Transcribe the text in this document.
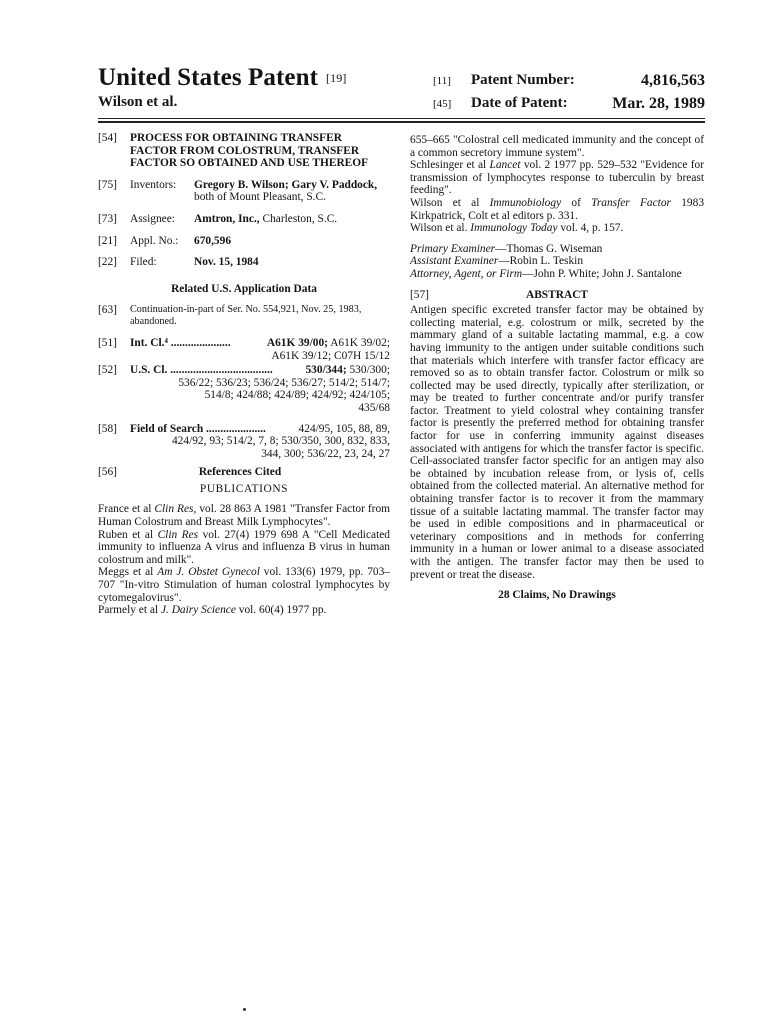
United States Patent [19]
Wilson et al.
[11]	Patent Number:	4,816,563
[45]	Date of Patent:	Mar. 28, 1989
[54]	PROCESS FOR OBTAINING TRANSFER FACTOR FROM COLOSTRUM, TRANSFER FACTOR SO OBTAINED AND USE THEREOF
[75]	Inventors:	Gregory B. Wilson; Gary V. Paddock,
both of Mount Pleasant, S.C.
[73]	Assignee:	Amtron, Inc., Charleston, S.C.
[21]	Appl. No.:	670,596
[22]	Filed:	Nov. 15, 1984
Related U.S. Application Data
[63]	Continuation-in-part of Ser. No. 554,921, Nov. 25, 1983, abandoned.
[51]	Int. Cl.⁴ .....................	A61K 39/00; A61K 39/02;
A61K 39/12; C07H 15/12
[52]	U.S. Cl. ....................................	530/344; 530/300;
536/22; 536/23; 536/24; 536/27; 514/2; 514/7;
514/8; 424/88; 424/89; 424/92; 424/105;
435/68
[58]	Field of Search .....................	424/95, 105, 88, 89,
424/92, 93; 514/2, 7, 8; 530/350, 300, 832, 833,
344, 300; 536/22, 23, 24, 27
[56]	References Cited
PUBLICATIONS
France et al Clin Res, vol. 28 863 A 1981 "Transfer Factor from Human Colostrum and Breast Milk Lymphocytes".
Ruben et al Clin Res vol. 27(4) 1979 698 A "Cell Medicated immunity to influenza A virus and influenza B virus in human colostrum and milk".
Meggs et al Am J. Obstet Gynecol vol. 133(6) 1979, pp. 703–707 "In-vitro Stimulation of human colostral lymphocytes by cytomegalovirus".
Parmely et al J. Dairy Science vol. 60(4) 1977 pp.
655–665 "Colostral cell medicated immunity and the concept of a common secretory immune system".
Schlesinger et al Lancet vol. 2 1977 pp. 529–532 "Evidence for transmission of lymphocytes response to tuberculin by breast feeding".
Wilson et al Immunobiology of Transfer Factor 1983 Kirkpatrick, Colt et al editors p. 331.
Wilson et al. Immunology Today vol. 4, p. 157.
Primary Examiner—Thomas G. Wiseman
Assistant Examiner—Robin L. Teskin
Attorney, Agent, or Firm—John P. White; John J. Santalone
[57]	ABSTRACT
Antigen specific excreted transfer factor may be obtained by collecting material, e.g. colostrum or milk, secreted by the mammary gland of a suitable lactating mammal, e.g. a cow having immunity to the antigen under suitable conditions such that materials which interfere with transfer factor efficacy are removed so as to obtain transfer factor. Colostrum or milk so collected may be used directly, typically after sterilization, or may be treated to further concentrate and/or purify transfer factor. Treatment to yield colostral whey containing transfer factor is presently the preferred method for obtaining transfer factor for use in conferring immunity against diseases associated with antigens for which the transfer factor is specific. Cell-associated transfer factor specific for an antigen may also be obtained by incubation release from, or lysis of, cells obtained from the collected material. An alternative method for obtaining transfer factor is to recover it from the mammary tissue of a suitable lactating mammal. The transfer factor may be used in edible compositions and in pharmaceutical or veterinary compositions and in methods for conferring immunity in a human or lower animal to a disease associated with the antigen. The transfer factor may then be used to prevent or treat the disease.
28 Claims, No Drawings
